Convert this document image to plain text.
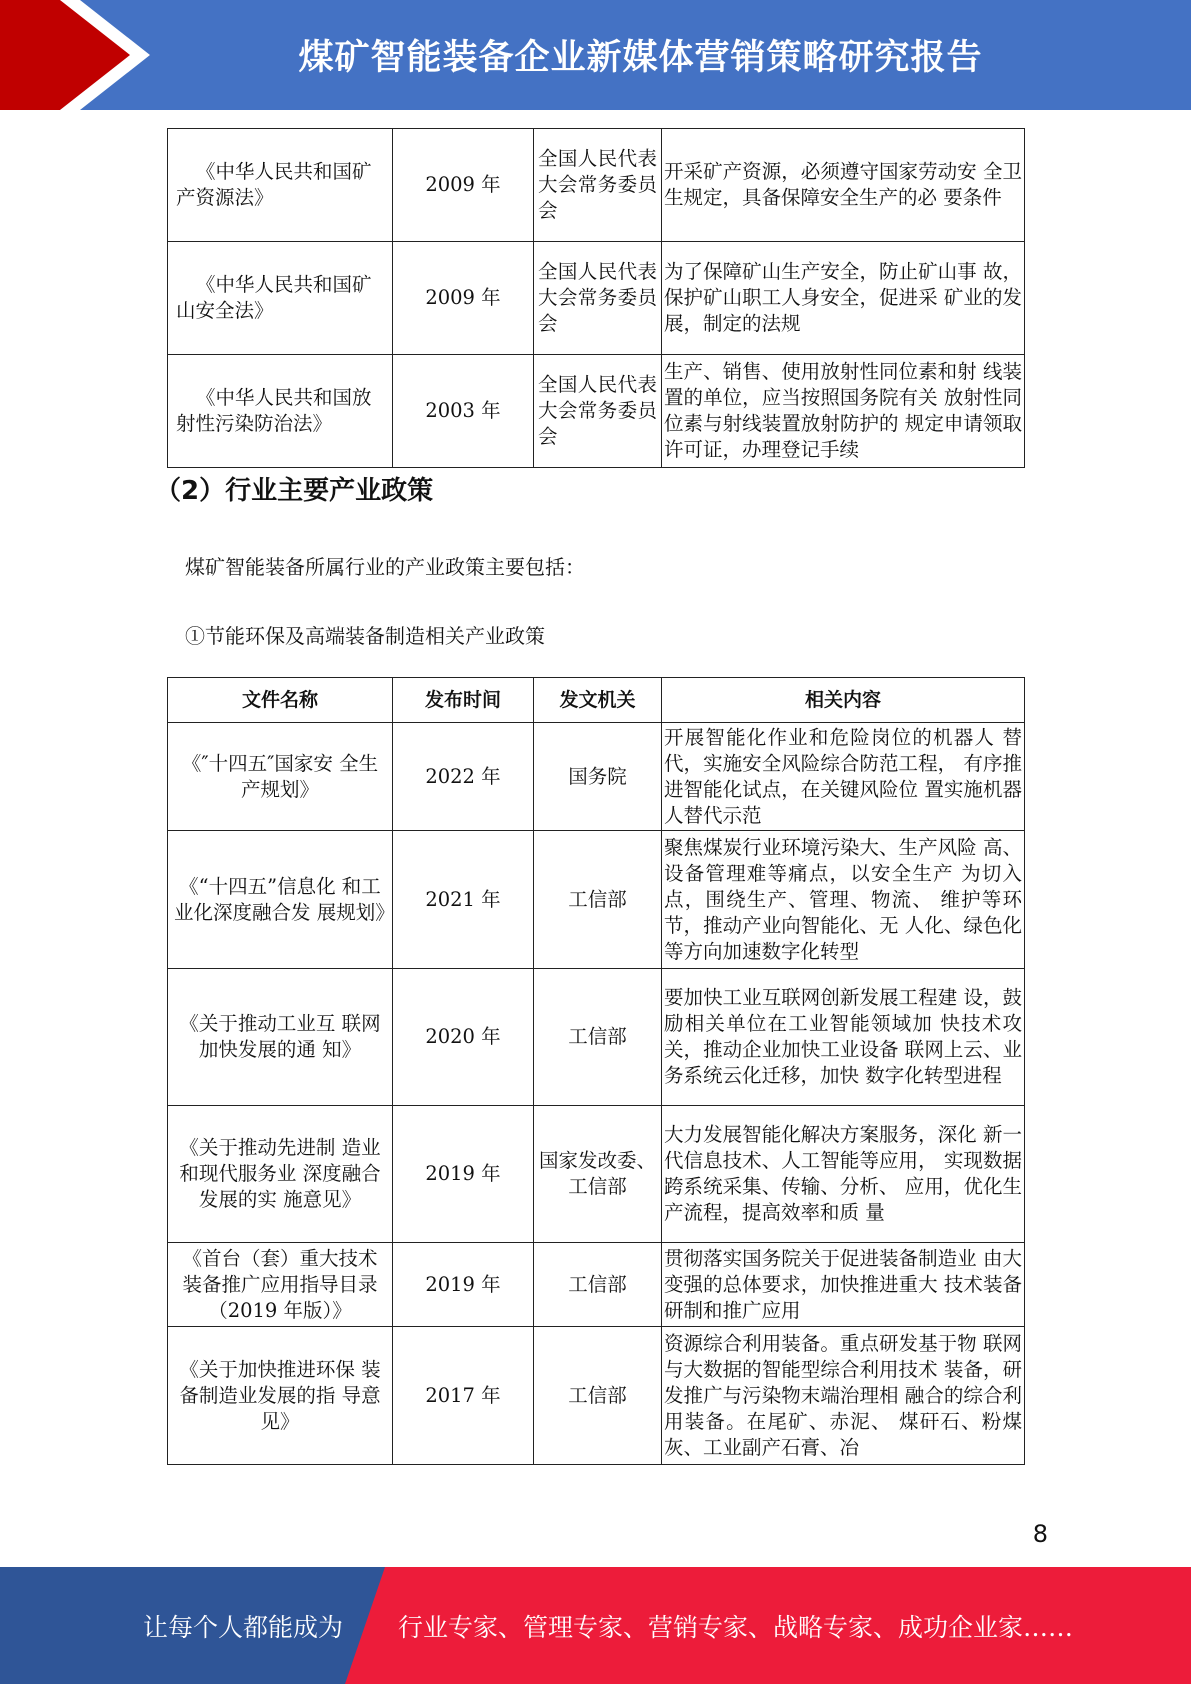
煤矿智能装备企业新媒体营销策略研究报告
《中华人民共和国矿产资源法》	2009 年	全国人民代表大会常务委员会	开采矿产资源，必须遵守国家劳动安 全卫生规定，具备保障安全生产的必 要条件
《中华人民共和国矿山安全法》	2009 年	全国人民代表大会常务委员会	为了保障矿山生产安全，防止矿山事 故，保护矿山职工人身安全，促进采 矿业的发展，制定的法规
《中华人民共和国放射性污染防治法》	2003 年	全国人民代表大会常务委员会	生产、销售、使用放射性同位素和射 线装置的单位，应当按照国务院有关 放射性同位素与射线装置放射防护的 规定申请领取许可证，办理登记手续
（2）行业主要产业政策
煤矿智能装备所属行业的产业政策主要包括：
①节能环保及高端装备制造相关产业政策
文件名称	发布时间	发文机关	相关内容
《″十四五″国家安 全生产规划》	2022 年	国务院	开展智能化作业和危险岗位的机器人 替代，实施安全风险综合防范工程， 有序推进智能化试点，在关键风险位 置实施机器人替代示范
《“十四五”信息化 和工业化深度融合发 展规划》	2021 年	工信部	聚焦煤炭行业环境污染大、生产风险 高、设备管理难等痛点，以安全生产 为切入点，围绕生产、管理、物流、 维护等环节，推动产业向智能化、无 人化、绿色化等方向加速数字化转型
《关于推动工业互 联网加快发展的通 知》	2020 年	工信部	要加快工业互联网创新发展工程建 设，鼓励相关单位在工业智能领域加 快技术攻关，推动企业加快工业设备 联网上云、业务系统云化迁移，加快 数字化转型进程
《关于推动先进制 造业和现代服务业 深度融合发展的实 施意见》	2019 年	国家发改委、工信部	大力发展智能化解决方案服务，深化 新一代信息技术、人工智能等应用， 实现数据跨系统采集、传输、分析、 应用，优化生产流程，提高效率和质 量
《首台（套）重大技术装备推广应用指导目录（2019 年版）》	2019 年	工信部	贯彻落实国务院关于促进装备制造业 由大变强的总体要求，加快推进重大 技术装备研制和推广应用
《关于加快推进环保 装备制造业发展的指 导意见》	2017 年	工信部	资源综合利用装备。重点研发基于物 联网与大数据的智能型综合利用技术 装备，研发推广与污染物末端治理相 融合的综合利用装备。在尾矿、赤泥、 煤矸石、粉煤灰、工业副产石膏、冶
8
让每个人都能成为 行业专家、管理专家、营销专家、战略专家、成功企业家……
